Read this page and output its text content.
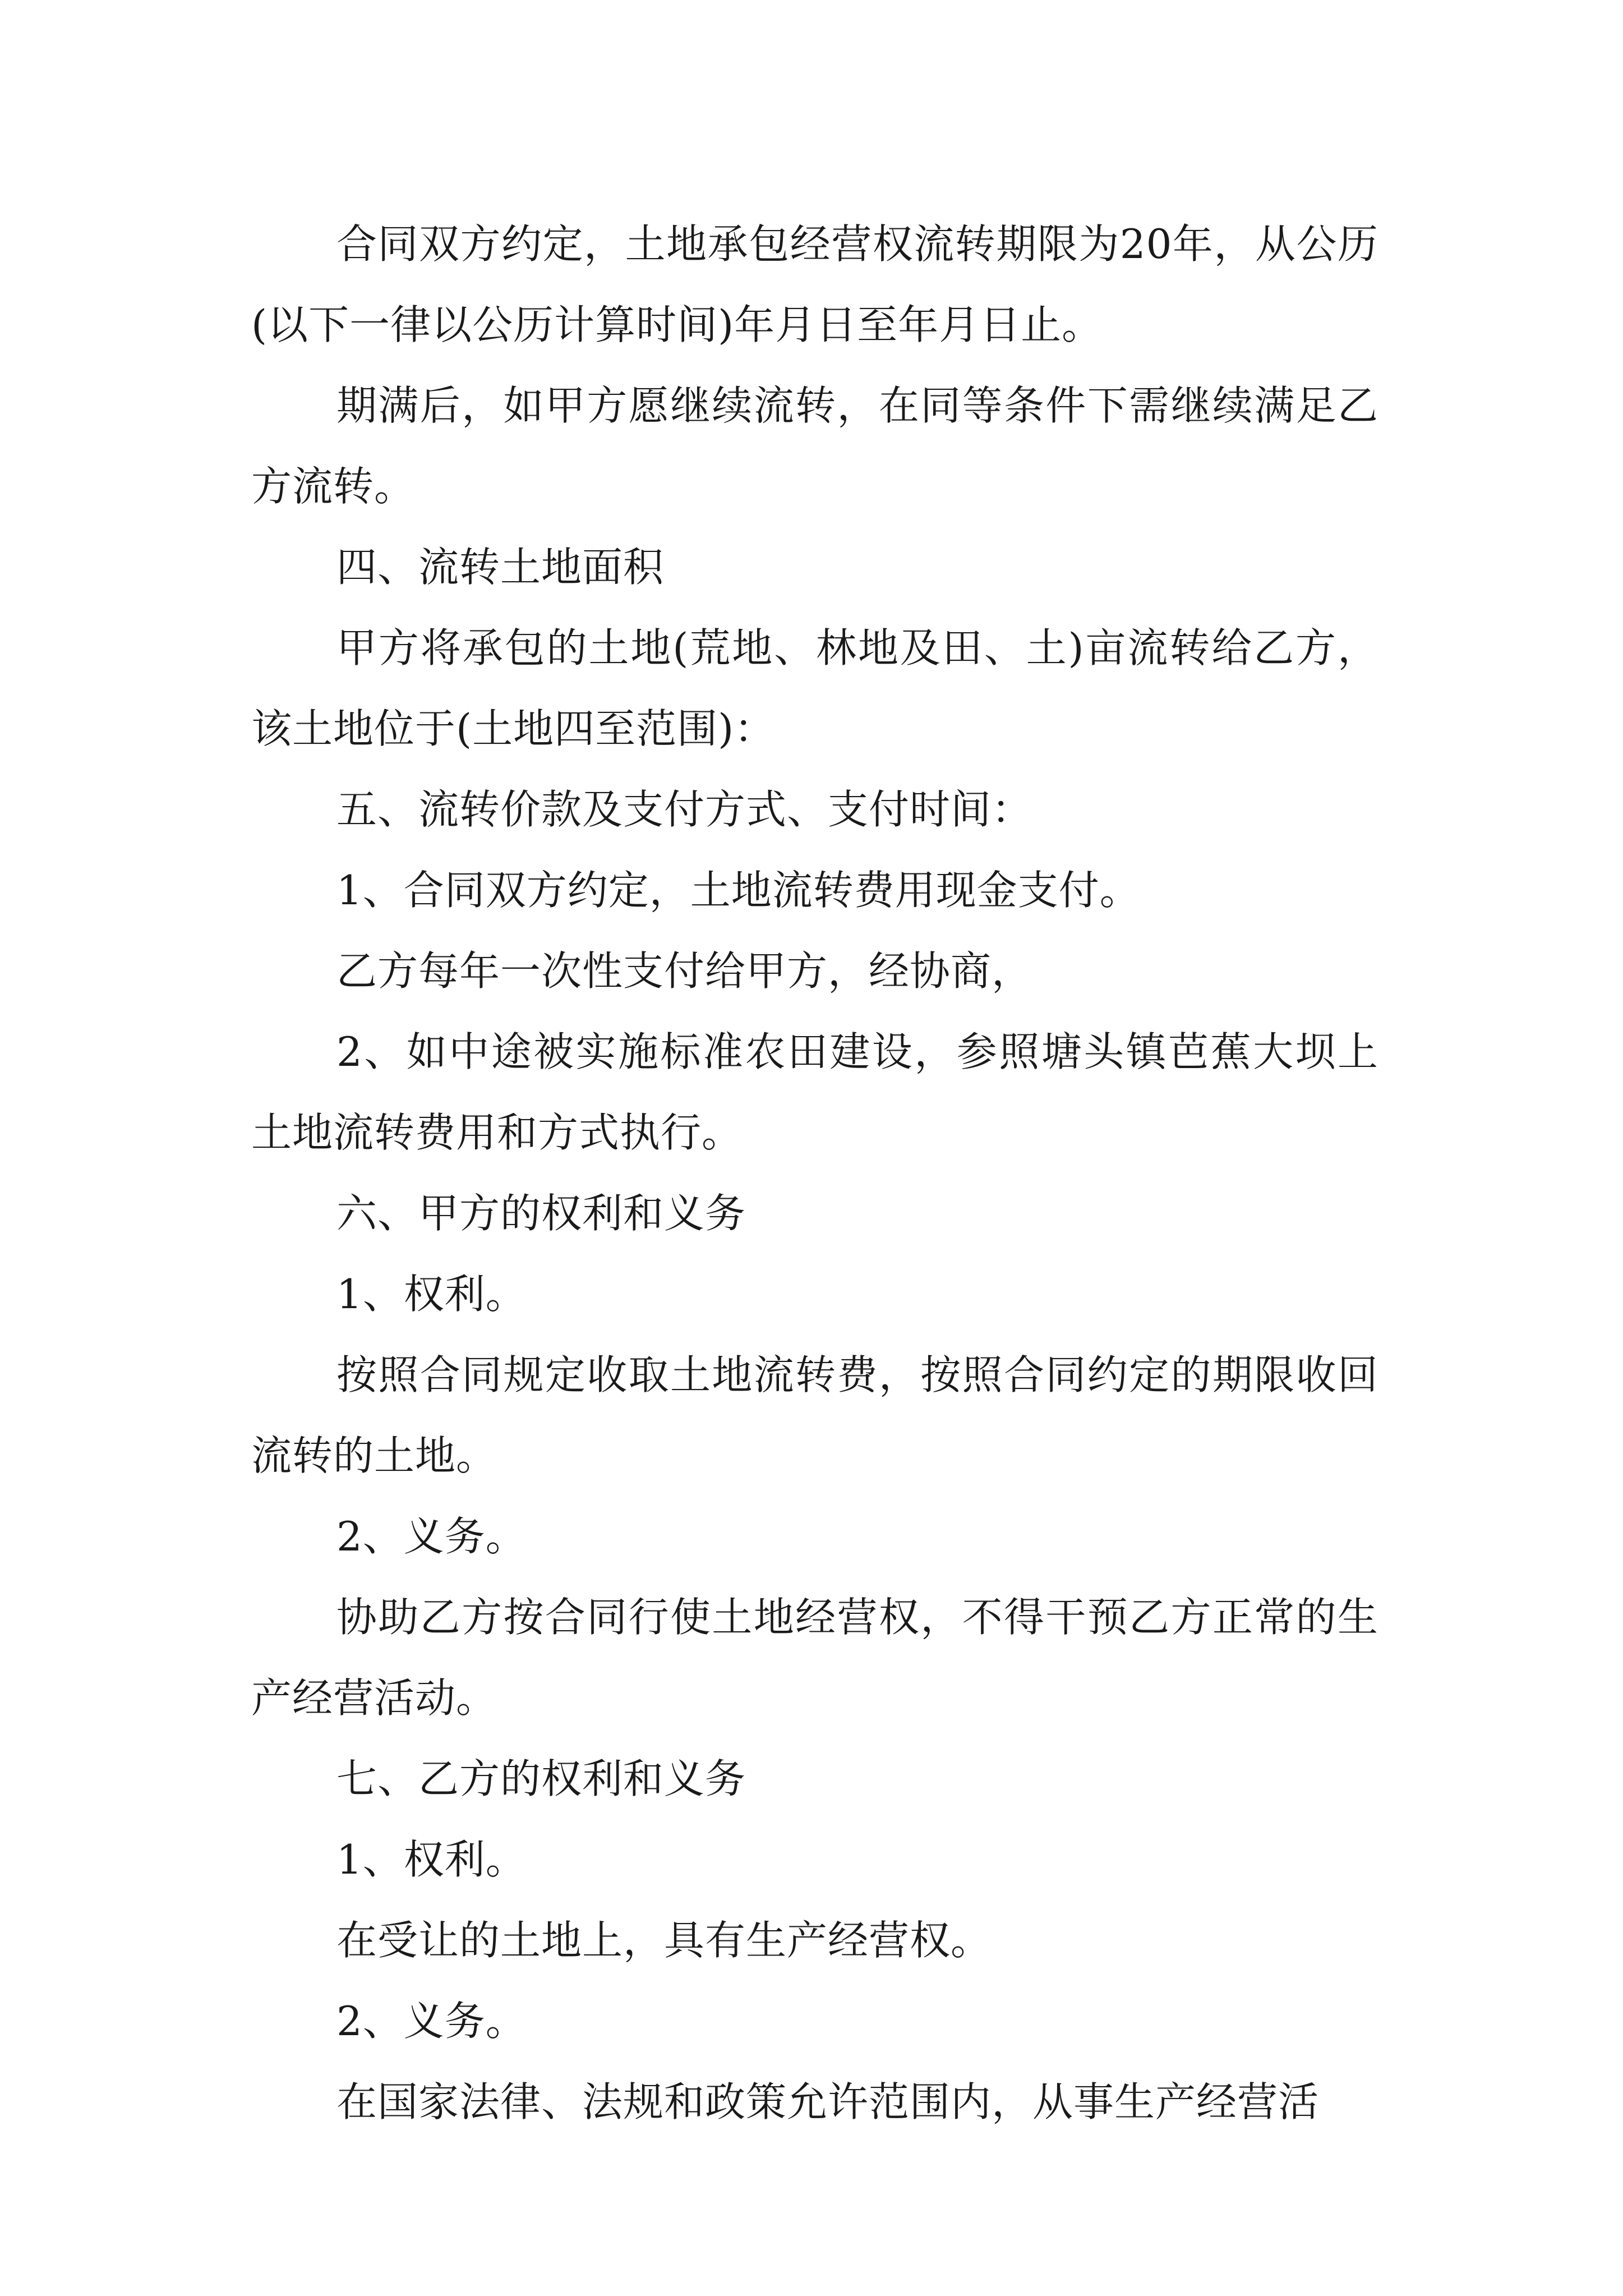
合同双方约定，土地承包经营权流转期限为20年，从公历(以下一律以公历计算时间)年月日至年月日止。

期满后，如甲方愿继续流转，在同等条件下需继续满足乙方流转。

四、流转土地面积

甲方将承包的土地(荒地、林地及田、土)亩流转给乙方，该土地位于(土地四至范围)：

五、流转价款及支付方式、支付时间：

1、合同双方约定，土地流转费用现金支付。

乙方每年一次性支付给甲方，经协商，

2、如中途被实施标准农田建设，参照塘头镇芭蕉大坝上土地流转费用和方式执行。

六、甲方的权利和义务

1、权利。

按照合同规定收取土地流转费，按照合同约定的期限收回流转的土地。

2、义务。

协助乙方按合同行使土地经营权，不得干预乙方正常的生产经营活动。

七、乙方的权利和义务

1、权利。

在受让的土地上，具有生产经营权。

2、义务。

在国家法律、法规和政策允许范围内，从事生产经营活
